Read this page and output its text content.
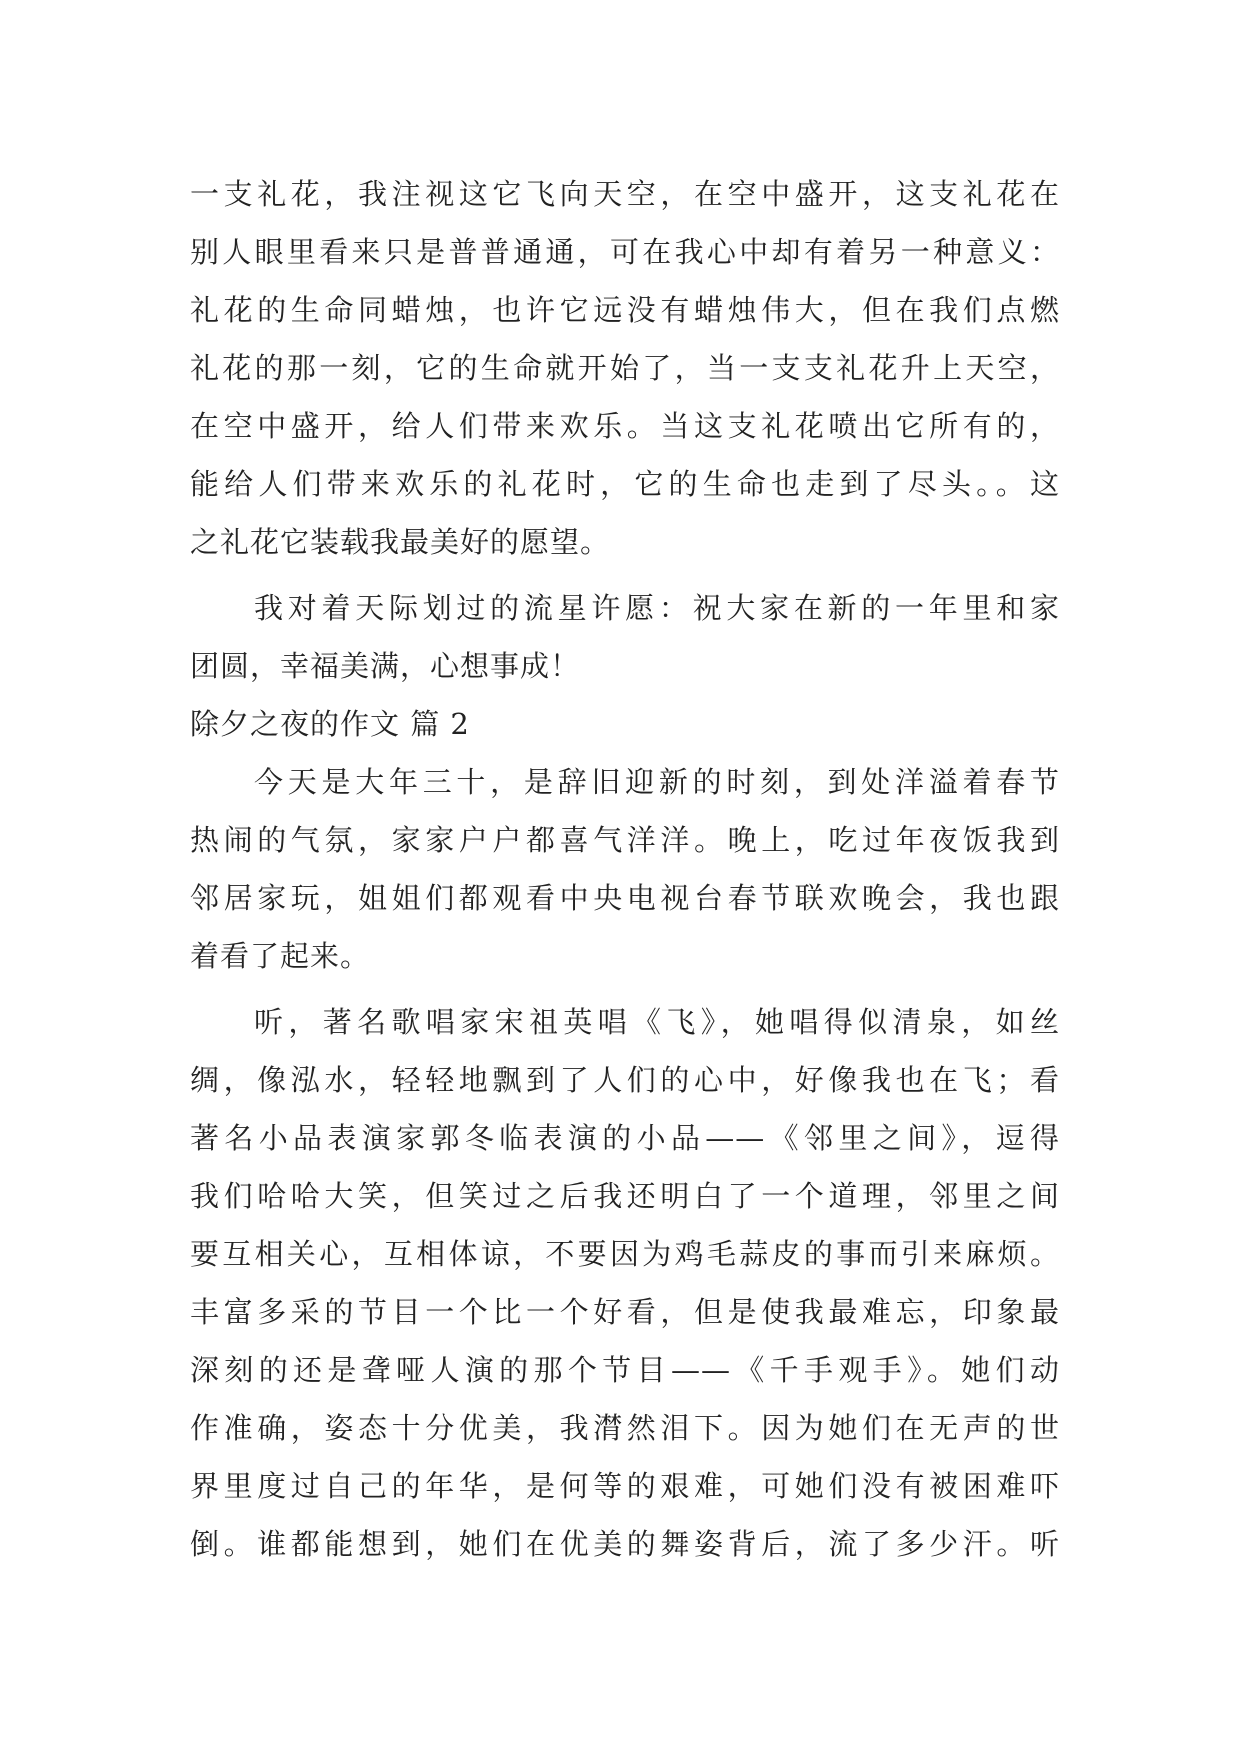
一支礼花，我注视这它飞向天空，在空中盛开，这支礼花在
别人眼里看来只是普普通通，可在我心中却有着另一种意义：
礼花的生命同蜡烛，也许它远没有蜡烛伟大，但在我们点燃
礼花的那一刻，它的生命就开始了，当一支支礼花升上天空，
在空中盛开，给人们带来欢乐。当这支礼花喷出它所有的，
能给人们带来欢乐的礼花时，它的生命也走到了尽头。。这
之礼花它装载我最美好的愿望。
我对着天际划过的流星许愿：祝大家在新的一年里和家
团圆，幸福美满，心想事成！
除夕之夜的作文 篇 2
今天是大年三十，是辞旧迎新的时刻，到处洋溢着春节
热闹的气氛，家家户户都喜气洋洋。晚上，吃过年夜饭我到
邻居家玩，姐姐们都观看中央电视台春节联欢晚会，我也跟
着看了起来。
听，著名歌唱家宋祖英唱《飞》，她唱得似清泉，如丝
绸，像泓水，轻轻地飘到了人们的心中，好像我也在飞；看
著名小品表演家郭冬临表演的小品——《邻里之间》，逗得
我们哈哈大笑，但笑过之后我还明白了一个道理，邻里之间
要互相关心，互相体谅，不要因为鸡毛蒜皮的事而引来麻烦。
丰富多采的节目一个比一个好看，但是使我最难忘，印象最
深刻的还是聋哑人演的那个节目——《千手观手》。她们动
作准确，姿态十分优美，我潸然泪下。因为她们在无声的世
界里度过自己的年华，是何等的艰难，可她们没有被困难吓
倒。谁都能想到，她们在优美的舞姿背后，流了多少汗。听
